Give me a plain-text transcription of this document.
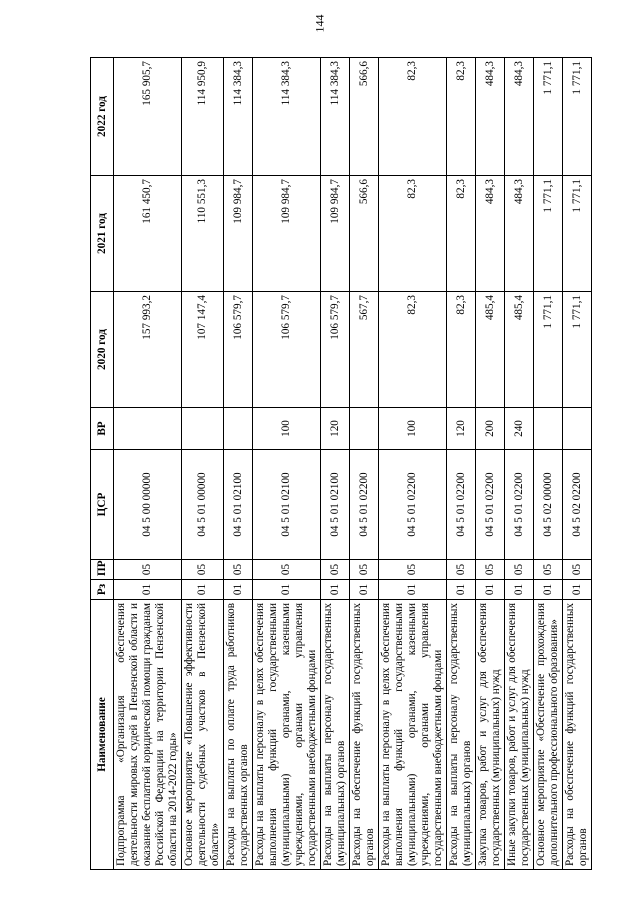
144
Наименование	Рз	ПР	ЦСР	ВР	2020 год	2021 год	2022 год
Подпрограмма «Организация обеспечения деятельности мировых судей в Пензенской области и оказание бесплатной юридической помощи гражданам Российской Федерации на территории Пензенской области на 2014-2022 годы»	01	05	04 5 00 00000		157 993,2	161 450,7	165 905,7
Основное мероприятие «Повышение эффективности деятельности судебных участков в Пензенской области»	01	05	04 5 01 00000		107 147,4	110 551,3	114 950,9
Расходы на выплаты по оплате труда работников государственных органов	01	05	04 5 01 02100		106 579,7	109 984,7	114 384,3
Расходы на выплаты персоналу в целях обеспечения выполнения функций государственными (муниципальными) органами, казенными учреждениями, органами управления государственными внебюджетными фондами	01	05	04 5 01 02100	100	106 579,7	109 984,7	114 384,3
Расходы на выплаты персоналу государственных (муниципальных) органов	01	05	04 5 01 02100	120	106 579,7	109 984,7	114 384,3
Расходы на обеспечение функций государственных органов	01	05	04 5 01 02200		567,7	566,6	566,6
Расходы на выплаты персоналу в целях обеспечения выполнения функций государственными (муниципальными) органами, казенными учреждениями, органами управления государственными внебюджетными фондами	01	05	04 5 01 02200	100	82,3	82,3	82,3
Расходы на выплаты персоналу государственных (муниципальных) органов	01	05	04 5 01 02200	120	82,3	82,3	82,3
Закупка товаров, работ и услуг для обеспечения государственных (муниципальных) нужд	01	05	04 5 01 02200	200	485,4	484,3	484,3
Иные закупки товаров, работ и услуг для обеспечения государственных (муниципальных) нужд	01	05	04 5 01 02200	240	485,4	484,3	484,3
Основное мероприятие «Обеспечение прохождения дополнительного профессионального образования»	01	05	04 5 02 00000		1 771,1	1 771,1	1 771,1
Расходы на обеспечение функций государственных органов	01	05	04 5 02 02200		1 771,1	1 771,1	1 771,1
